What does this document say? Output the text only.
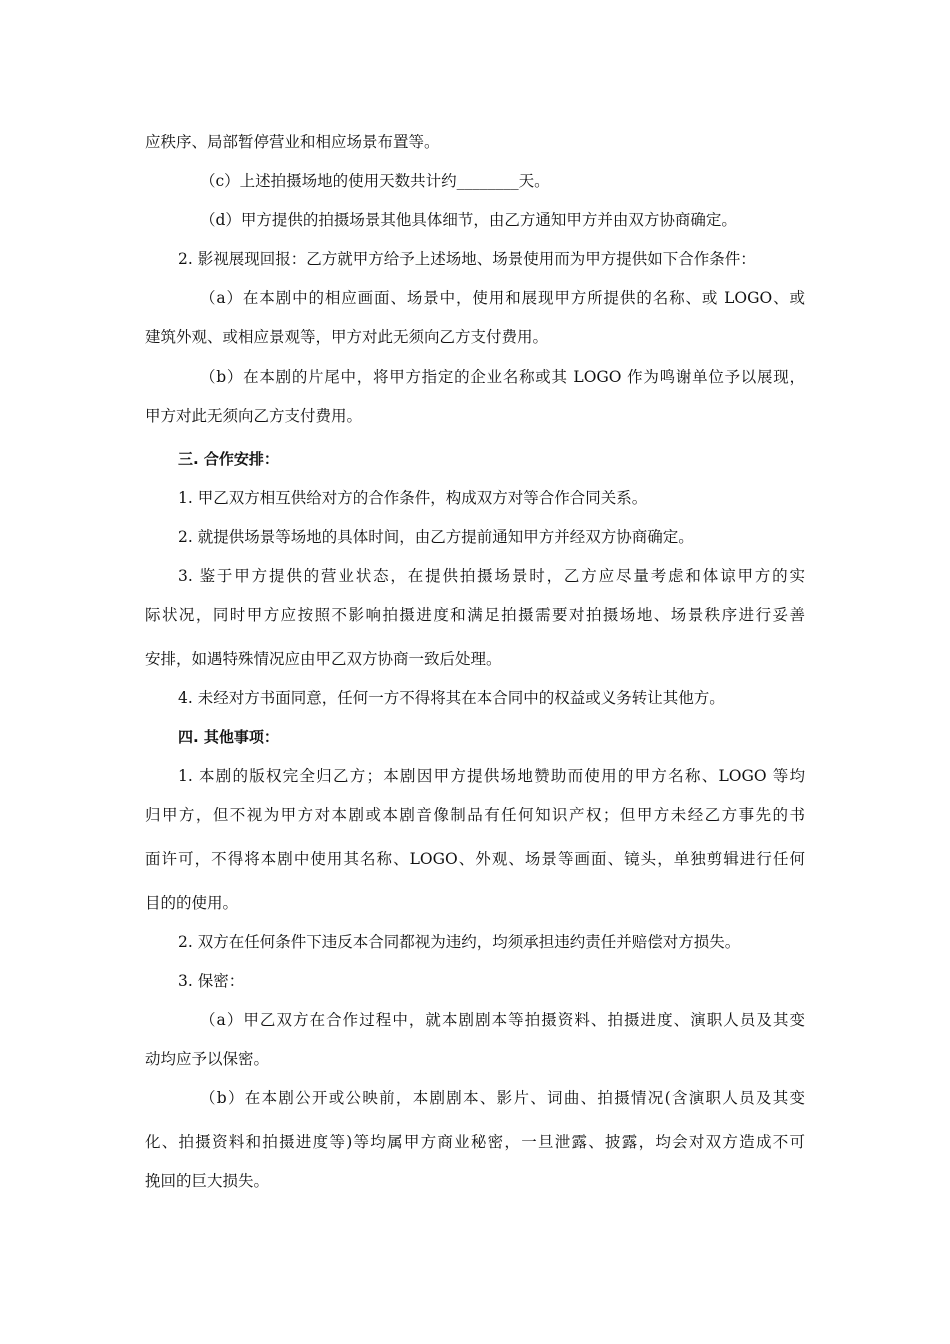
应秩序、局部暂停营业和相应场景布置等。
（c）上述拍摄场地的使用天数共计约________天。
（d）甲方提供的拍摄场景其他具体细节，由乙方通知甲方并由双方协商确定。
2. 影视展现回报：乙方就甲方给予上述场地、场景使用而为甲方提供如下合作条件：
（a）在本剧中的相应画面、场景中，使用和展现甲方所提供的名称、或 LOGO、或
建筑外观、或相应景观等，甲方对此无须向乙方支付费用。
（b）在本剧的片尾中，将甲方指定的企业名称或其 LOGO 作为鸣谢单位予以展现，
甲方对此无须向乙方支付费用。
三. 合作安排：
1. 甲乙双方相互供给对方的合作条件，构成双方对等合作合同关系。
2. 就提供场景等场地的具体时间，由乙方提前通知甲方并经双方协商确定。
3. 鉴于甲方提供的营业状态，在提供拍摄场景时，乙方应尽量考虑和体谅甲方的实
际状况，同时甲方应按照不影响拍摄进度和满足拍摄需要对拍摄场地、场景秩序进行妥善
安排，如遇特殊情况应由甲乙双方协商一致后处理。
4. 未经对方书面同意，任何一方不得将其在本合同中的权益或义务转让其他方。
四. 其他事项：
1. 本剧的版权完全归乙方；本剧因甲方提供场地赞助而使用的甲方名称、LOGO 等均
归甲方，但不视为甲方对本剧或本剧音像制品有任何知识产权；但甲方未经乙方事先的书
面许可，不得将本剧中使用其名称、LOGO、外观、场景等画面、镜头，单独剪辑进行任何
目的的使用。
2. 双方在任何条件下违反本合同都视为违约，均须承担违约责任并赔偿对方损失。
3. 保密：
（a）甲乙双方在合作过程中，就本剧剧本等拍摄资料、拍摄进度、演职人员及其变
动均应予以保密。
（b）在本剧公开或公映前，本剧剧本、影片、词曲、拍摄情况(含演职人员及其变
化、拍摄资料和拍摄进度等)等均属甲方商业秘密，一旦泄露、披露，均会对双方造成不可
挽回的巨大损失。
